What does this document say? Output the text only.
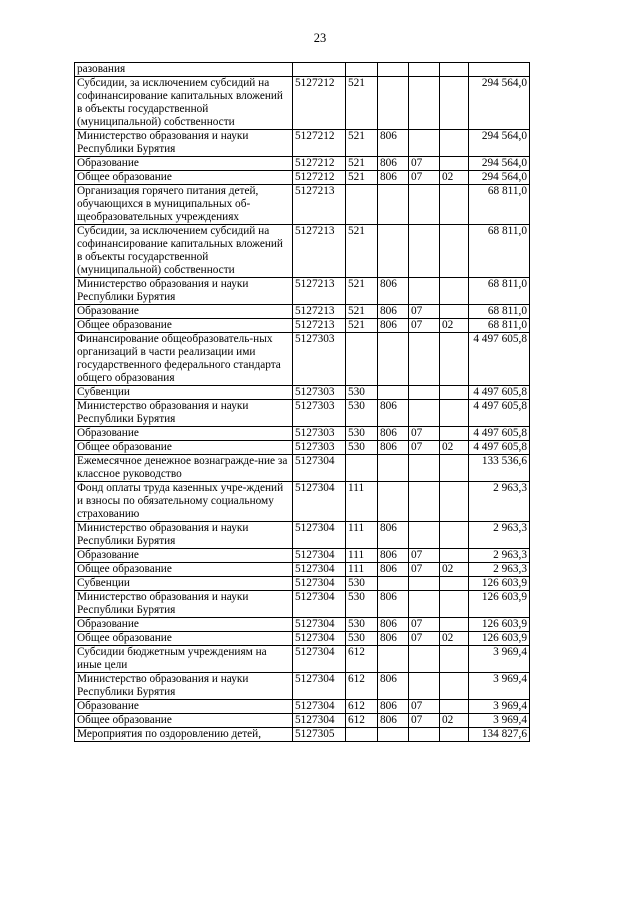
23
разования						
Субсидии, за исключением субсидий на софинансирование капитальных вложений в объекты государственной (муниципальной) собственности	5127212	521				294 564,0
Министерство образования и науки Республики Бурятия	5127212	521	806			294 564,0
Образование	5127212	521	806	07		294 564,0
Общее образование	5127212	521	806	07	02	294 564,0
Организация горячего питания детей, обучающихся в муниципальных об-щеобразовательных учреждениях	5127213					68 811,0
Субсидии, за исключением субсидий на софинансирование капитальных вложений в объекты государственной (муниципальной) собственности	5127213	521				68 811,0
Министерство образования и науки Республики Бурятия	5127213	521	806			68 811,0
Образование	5127213	521	806	07		68 811,0
Общее образование	5127213	521	806	07	02	68 811,0
Финансирование общеобразователь-ных организаций в части реализации ими государственного федерального стандарта общего образования	5127303					4 497 605,8
Субвенции	5127303	530				4 497 605,8
Министерство образования и науки Республики Бурятия	5127303	530	806			4 497 605,8
Образование	5127303	530	806	07		4 497 605,8
Общее образование	5127303	530	806	07	02	4 497 605,8
Ежемесячное денежное вознагражде-ние за классное руководство	5127304					133 536,6
Фонд оплаты труда казенных учре-ждений и взносы по обязательному социальному страхованию	5127304	111				2 963,3
Министерство образования и науки Республики Бурятия	5127304	111	806			2 963,3
Образование	5127304	111	806	07		2 963,3
Общее образование	5127304	111	806	07	02	2 963,3
Субвенции	5127304	530				126 603,9
Министерство образования и науки Республики Бурятия	5127304	530	806			126 603,9
Образование	5127304	530	806	07		126 603,9
Общее образование	5127304	530	806	07	02	126 603,9
Субсидии бюджетным учреждениям на иные цели	5127304	612				3 969,4
Министерство образования и науки Республики Бурятия	5127304	612	806			3 969,4
Образование	5127304	612	806	07		3 969,4
Общее образование	5127304	612	806	07	02	3 969,4
Мероприятия по оздоровлению детей,	5127305					134 827,6
